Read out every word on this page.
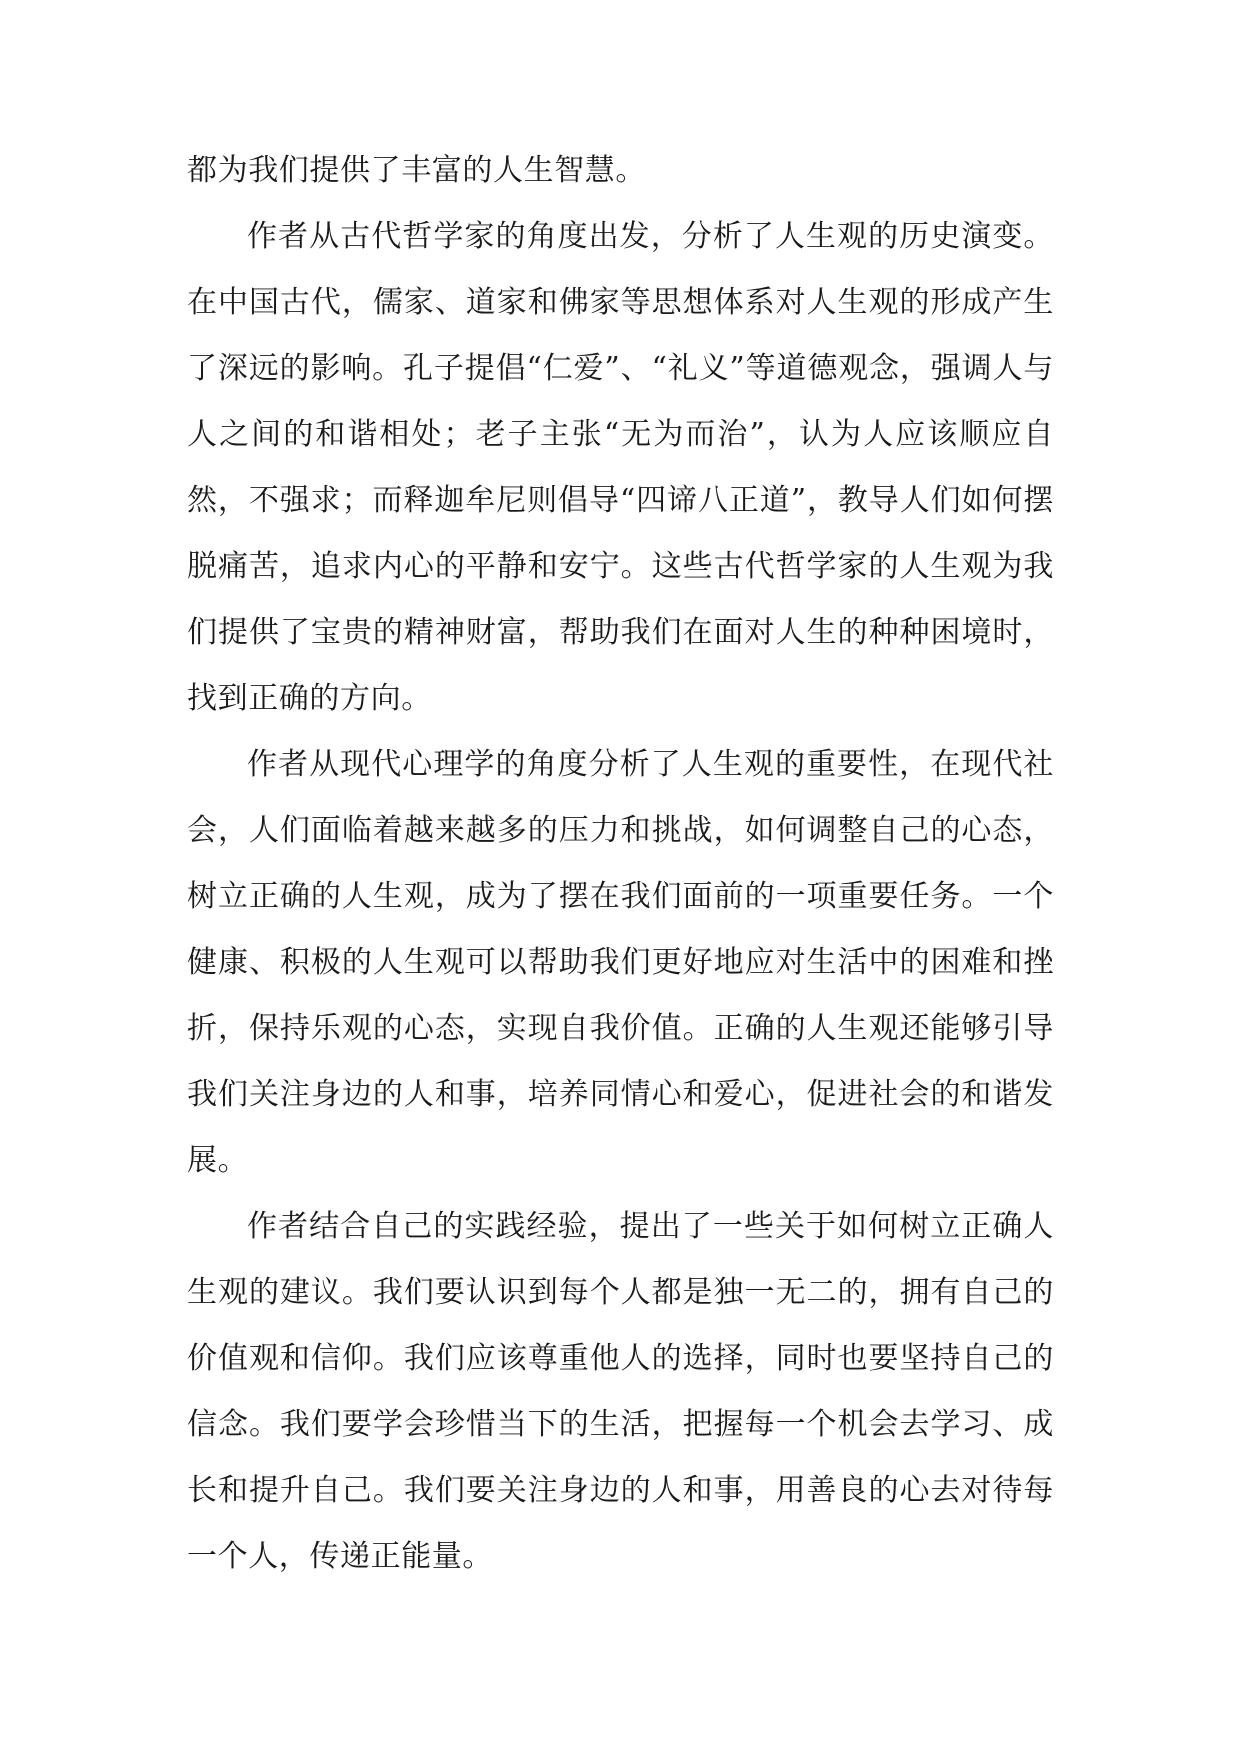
都为我们提供了丰富的人生智慧。

作者从古代哲学家的角度出发，分析了人生观的历史演变。在中国古代，儒家、道家和佛家等思想体系对人生观的形成产生了深远的影响。孔子提倡“仁爱”、“礼义”等道德观念，强调人与人之间的和谐相处；老子主张“无为而治”，认为人应该顺应自然，不强求；而释迦牟尼则倡导“四谛八正道”，教导人们如何摆脱痛苦，追求内心的平静和安宁。这些古代哲学家的人生观为我们提供了宝贵的精神财富，帮助我们在面对人生的种种困境时，找到正确的方向。

作者从现代心理学的角度分析了人生观的重要性，在现代社会，人们面临着越来越多的压力和挑战，如何调整自己的心态，树立正确的人生观，成为了摆在我们面前的一项重要任务。一个健康、积极的人生观可以帮助我们更好地应对生活中的困难和挫折，保持乐观的心态，实现自我价值。正确的人生观还能够引导我们关注身边的人和事，培养同情心和爱心，促进社会的和谐发展。

作者结合自己的实践经验，提出了一些关于如何树立正确人生观的建议。我们要认识到每个人都是独一无二的，拥有自己的价值观和信仰。我们应该尊重他人的选择，同时也要坚持自己的信念。我们要学会珍惜当下的生活，把握每一个机会去学习、成长和提升自己。我们要关注身边的人和事，用善良的心去对待每一个人，传递正能量。
